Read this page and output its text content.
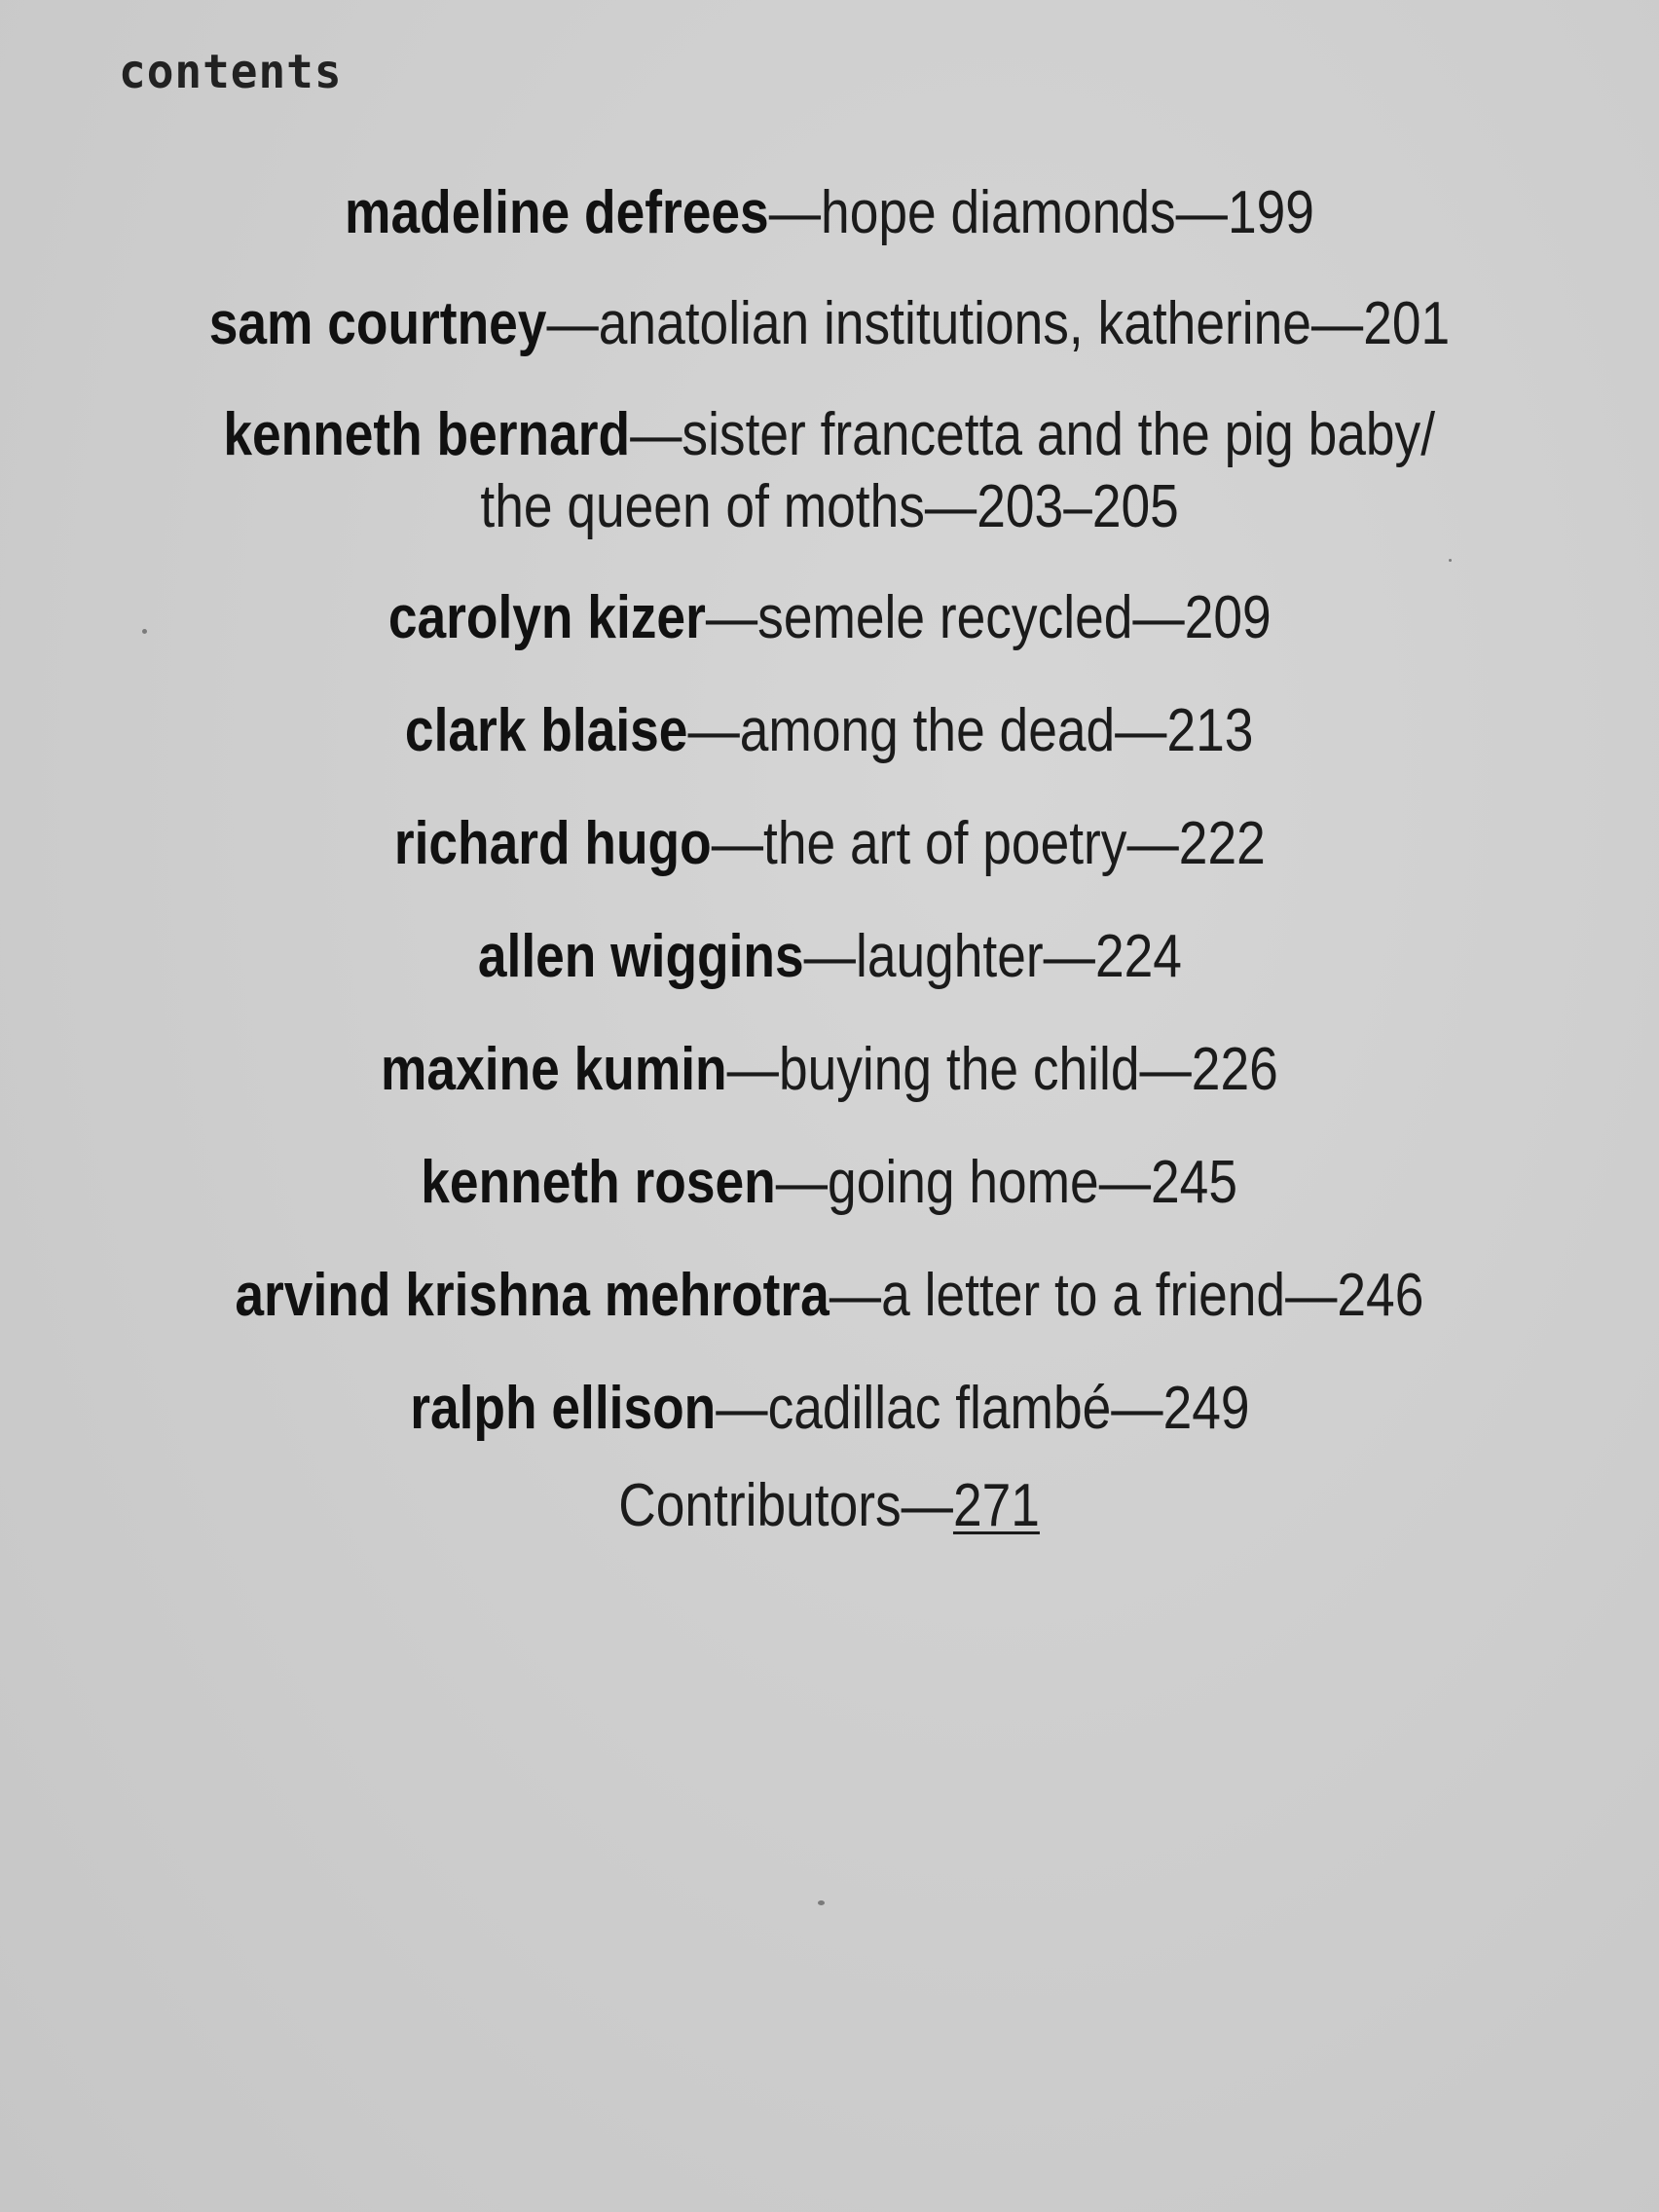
contents
madeline defrees—hope diamonds—199
sam courtney—anatolian institutions, katherine—201
kenneth bernard—sister francetta and the pig baby/
the queen of moths—203–205
carolyn kizer—semele recycled—209
clark blaise—among the dead—213
richard hugo—the art of poetry—222
allen wiggins—laughter—224
maxine kumin—buying the child—226
kenneth rosen—going home—245
arvind krishna mehrotra—a letter to a friend—246
ralph ellison—cadillac flambé—249
Contributors—271
